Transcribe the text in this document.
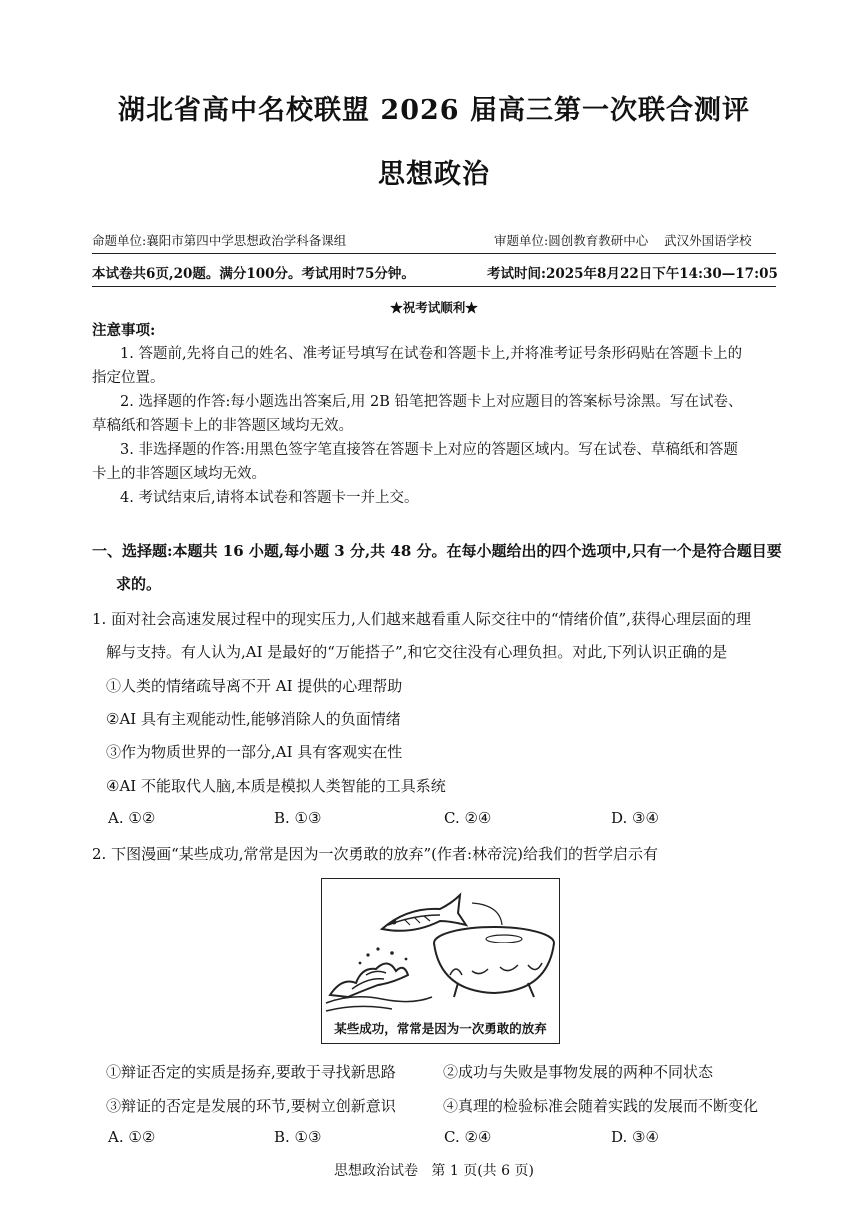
湖北省高中名校联盟 2026 届高三第一次联合测评
思想政治
命题单位:襄阳市第四中学思想政治学科备课组	审题单位:圆创教育教研中心    武汉外国语学校
本试卷共6页,20题。满分100分。考试用时75分钟。	考试时间:2025年8月22日下午14:30—17:05
★祝考试顺利★
注意事项:
1. 答题前,先将自己的姓名、准考证号填写在试卷和答题卡上,并将准考证号条形码贴在答题卡上的
指定位置。
2. 选择题的作答:每小题选出答案后,用 2B 铅笔把答题卡上对应题目的答案标号涂黑。写在试卷、
草稿纸和答题卡上的非答题区域均无效。
3. 非选择题的作答:用黑色签字笔直接答在答题卡上对应的答题区域内。写在试卷、草稿纸和答题
卡上的非答题区域均无效。
4. 考试结束后,请将本试卷和答题卡一并上交。
一、选择题:本题共 16 小题,每小题 3 分,共 48 分。在每小题给出的四个选项中,只有一个是符合题目要
求的。
1. 面对社会高速发展过程中的现实压力,人们越来越看重人际交往中的“情绪价值”,获得心理层面的理
解与支持。有人认为,AI 是最好的“万能搭子”,和它交往没有心理负担。对此,下列认识正确的是
①人类的情绪疏导离不开 AI 提供的心理帮助
②AI 具有主观能动性,能够消除人的负面情绪
③作为物质世界的一部分,AI 具有客观实在性
④AI 不能取代人脑,本质是模拟人类智能的工具系统
A. ①②	B. ①③	C. ②④	D. ③④
2. 下图漫画“某些成功,常常是因为一次勇敢的放弃”(作者:林帝浣)给我们的哲学启示有
某些成功，常常是因为一次勇敢的放弃
①辩证否定的实质是扬弃,要敢于寻找新思路	②成功与失败是事物发展的两种不同状态
③辩证的否定是发展的环节,要树立创新意识	④真理的检验标准会随着实践的发展而不断变化
A. ①②	B. ①③	C. ②④	D. ③④
思想政治试卷   第 1 页(共 6 页)
